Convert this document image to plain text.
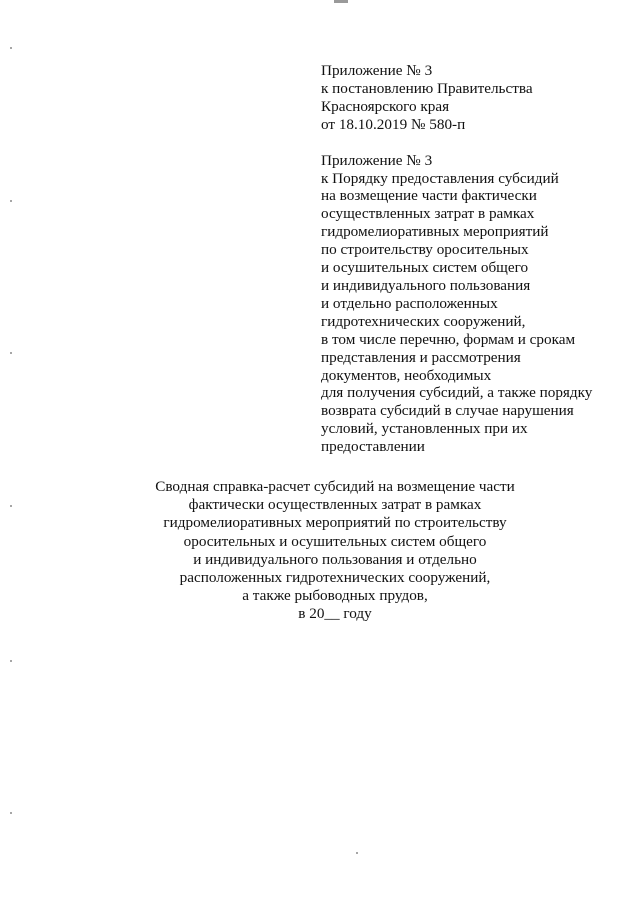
Приложение № 3
к постановлению Правительства
Красноярского края
от 18.10.2019 № 580-п
Приложение № 3
к Порядку предоставления субсидий
на возмещение части фактически
осуществленных затрат в рамках
гидромелиоративных мероприятий
по строительству оросительных
и осушительных систем общего
и индивидуального пользования
и отдельно расположенных
гидротехнических сооружений,
в том числе перечню, формам и срокам
представления и рассмотрения
документов, необходимых
для получения субсидий, а также порядку
возврата субсидий в случае нарушения
условий, установленных при их
предоставлении
Сводная справка-расчет субсидий на возмещение части
фактически осуществленных затрат в рамках
гидромелиоративных мероприятий по строительству
оросительных и осушительных систем общего
и индивидуального пользования и отдельно
расположенных гидротехнических сооружений,
а также рыбоводных прудов,
в 20__ году
